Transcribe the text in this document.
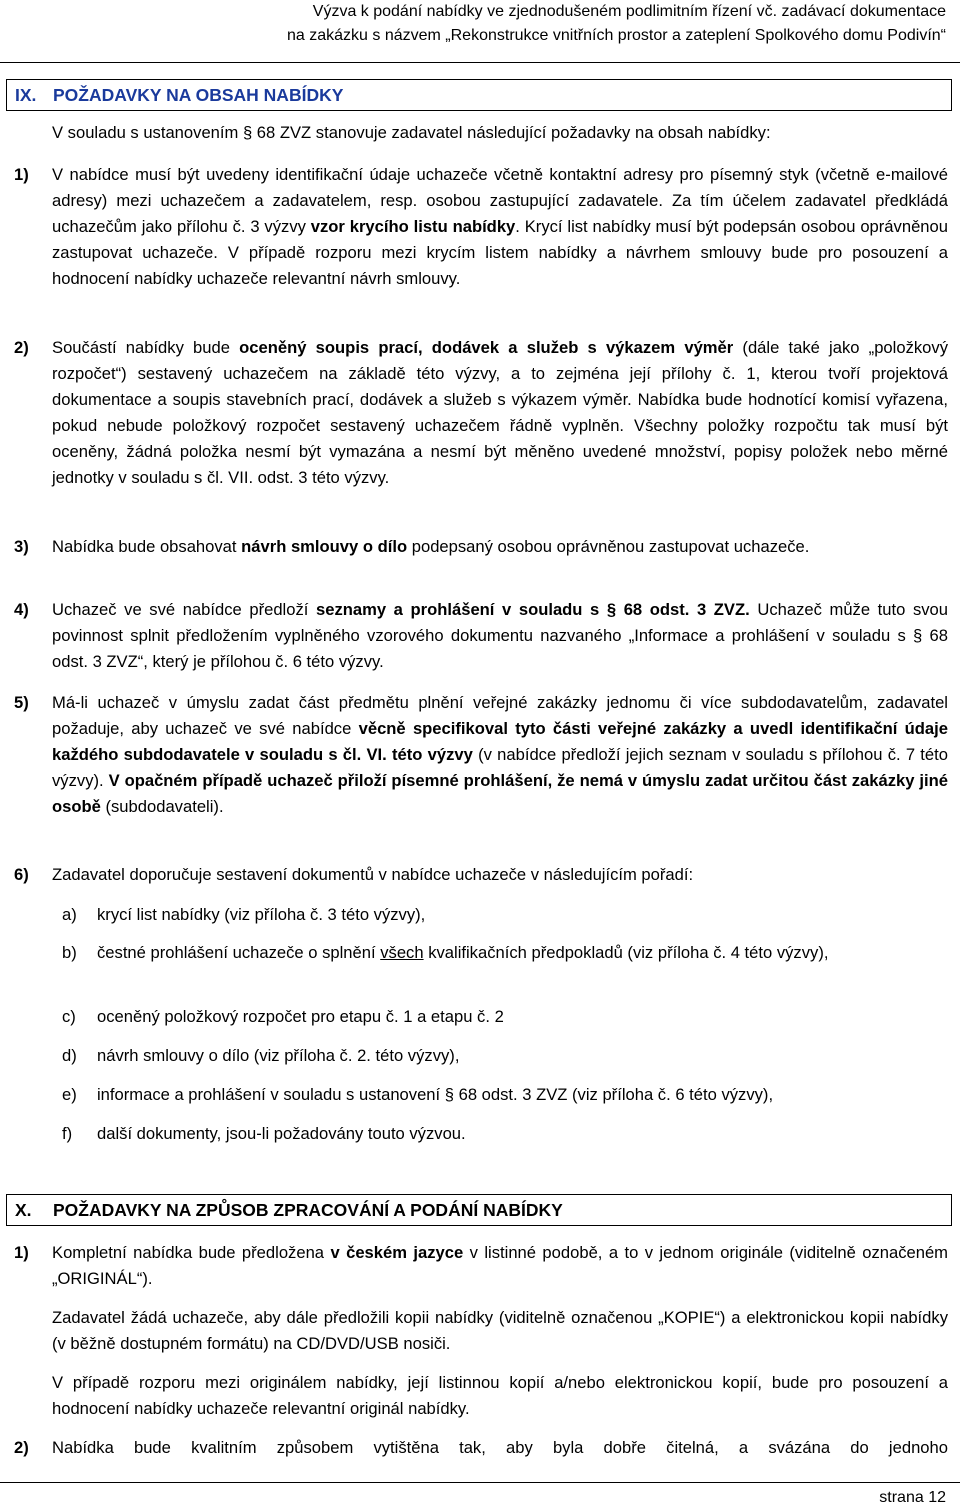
Výzva k podání nabídky ve zjednodušeném podlimitním řízení vč. zadávací dokumentace
na zakázku s názvem „Rekonstrukce vnitřních prostor a zateplení Spolkového domu Podivín“
IX. POŽADAVKY NA OBSAH NABÍDKY
V souladu s ustanovením § 68 ZVZ stanovuje zadavatel následující požadavky na obsah nabídky:
1) V nabídce musí být uvedeny identifikační údaje uchazeče včetně kontaktní adresy pro písemný styk (včetně e-mailové adresy) mezi uchazečem a zadavatelem, resp. osobou zastupující zadavatele. Za tím účelem zadavatel předkládá uchazečům jako přílohu č. 3 výzvy vzor krycího listu nabídky. Krycí list nabídky musí být podepsán osobou oprávněnou zastupovat uchazeče. V případě rozporu mezi krycím listem nabídky a návrhem smlouvy bude pro posouzení a hodnocení nabídky uchazeče relevantní návrh smlouvy.
2) Součástí nabídky bude oceněný soupis prací, dodávek a služeb s výkazem výměr (dále také jako „položkový rozpočet“) sestavený uchazečem na základě této výzvy, a to zejména její přílohy č. 1, kterou tvoří projektová dokumentace a soupis stavebních prací, dodávek a služeb s výkazem výměr. Nabídka bude hodnotící komisí vyřazena, pokud nebude položkový rozpočet sestavený uchazečem řádně vyplněn. Všechny položky rozpočtu tak musí být oceněny, žádná položka nesmí být vymazána a nesmí být měněno uvedené množství, popisy položek nebo měrné jednotky v souladu s čl. VII. odst. 3 této výzvy.
3) Nabídka bude obsahovat návrh smlouvy o dílo podepsaný osobou oprávněnou zastupovat uchazeče.
4) Uchazeč ve své nabídce předloží seznamy a prohlášení v souladu s § 68 odst. 3 ZVZ. Uchazeč může tuto svou povinnost splnit předložením vyplněného vzorového dokumentu nazvaného „Informace a prohlášení v souladu s § 68 odst. 3 ZVZ“, který je přílohou č. 6 této výzvy.
5) Má-li uchazeč v úmyslu zadat část předmětu plnění veřejné zakázky jednomu či více subdodavatelům, zadavatel požaduje, aby uchazeč ve své nabídce věcně specifikoval tyto části veřejné zakázky a uvedl identifikační údaje každého subdodavatele v souladu s čl. VI. této výzvy (v nabídce předloží jejich seznam v souladu s přílohou č. 7 této výzvy). V opačném případě uchazeč přiloží písemné prohlášení, že nemá v úmyslu zadat určitou část zakázky jiné osobě (subdodavateli).
6) Zadavatel doporučuje sestavení dokumentů v nabídce uchazeče v následujícím pořadí:
a) krycí list nabídky (viz příloha č. 3 této výzvy),
b) čestné prohlášení uchazeče o splnění všech kvalifikačních předpokladů (viz příloha č. 4 této výzvy),
c) oceněný položkový rozpočet pro etapu č. 1 a etapu č. 2
d) návrh smlouvy o dílo (viz příloha č. 2. této výzvy),
e) informace a prohlášení v souladu s ustanovení § 68 odst. 3 ZVZ (viz příloha č. 6 této výzvy),
f) další dokumenty, jsou-li požadovány touto výzvou.
X. POŽADAVKY NA ZPŮSOB ZPRACOVÁNÍ A PODÁNÍ NABÍDKY
1) Kompletní nabídka bude předložena v českém jazyce v listinné podobě, a to v jednom originále (viditelně označeném „ORIGINÁL“).
Zadavatel žádá uchazeče, aby dále předložili kopii nabídky (viditelně označenou „KOPIE“) a elektronickou kopii nabídky (v běžně dostupném formátu) na CD/DVD/USB nosiči.
V případě rozporu mezi originálem nabídky, její listinnou kopií a/nebo elektronickou kopií, bude pro posouzení a hodnocení nabídky uchazeče relevantní originál nabídky.
2) Nabídka bude kvalitním způsobem vytištěna tak, aby byla dobře čitelná, a svázána do jednoho
strana 12
